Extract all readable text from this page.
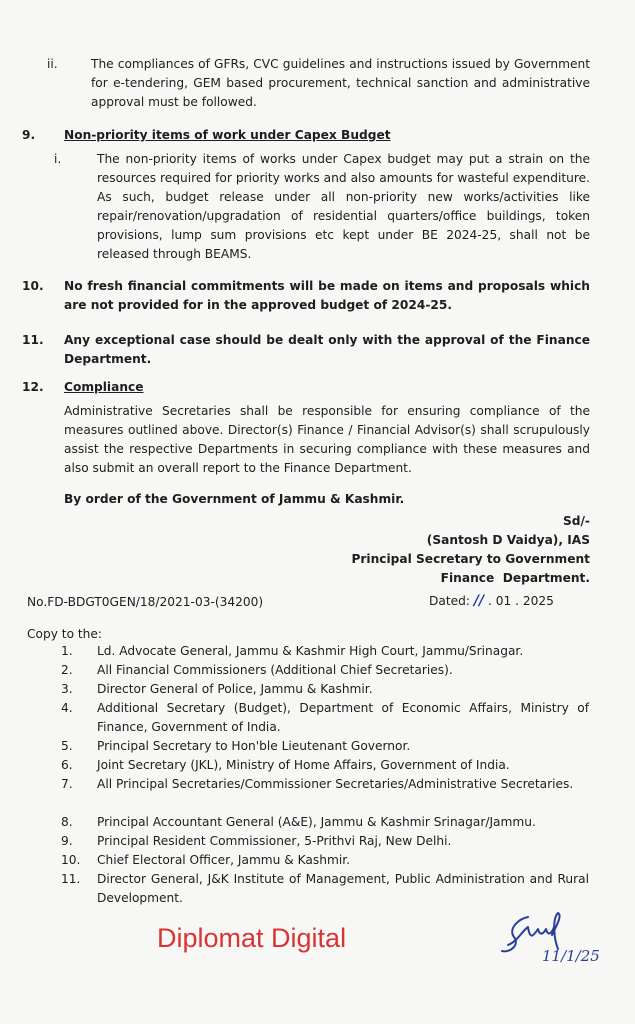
ii.	The compliances of GFRs, CVC guidelines and instructions issued by Government for e-tendering, GEM based procurement, technical sanction and administrative approval must be followed.
9. Non-priority items of work under Capex Budget
i.	The non-priority items of works under Capex budget may put a strain on the resources required for priority works and also amounts for wasteful expenditure. As such, budget release under all non-priority new works/activities like repair/renovation/upgradation of residential quarters/office buildings, token provisions, lump sum provisions etc kept under BE 2024-25, shall not be released through BEAMS.
10. No fresh financial commitments will be made on items and proposals which are not provided for in the approved budget of 2024-25.
11. Any exceptional case should be dealt only with the approval of the Finance Department.
12. Compliance
Administrative Secretaries shall be responsible for ensuring compliance of the measures outlined above. Director(s) Finance / Financial Advisor(s) shall scrupulously assist the respective Departments in securing compliance with these measures and also submit an overall report to the Finance Department.
By order of the Government of Jammu & Kashmir.
Sd/-
(Santosh D Vaidya), IAS
Principal Secretary to Government
Finance  Department.
No.FD-BDGT0GEN/18/2021-03-(34200)	Dated: // . 01 . 2025
Copy to the:
1. Ld. Advocate General, Jammu & Kashmir High Court, Jammu/Srinagar.
2. All Financial Commissioners (Additional Chief Secretaries).
3. Director General of Police, Jammu & Kashmir.
4. Additional Secretary (Budget), Department of Economic Affairs, Ministry of Finance, Government of India.
5. Principal Secretary to Hon'ble Lieutenant Governor.
6. Joint Secretary (JKL), Ministry of Home Affairs, Government of India.
7. All Principal Secretaries/Commissioner Secretaries/Administrative Secretaries.
8. Principal Accountant General (A&E), Jammu & Kashmir Srinagar/Jammu.
9. Principal Resident Commissioner, 5-Prithvi Raj, New Delhi.
10. Chief Electoral Officer, Jammu & Kashmir.
11. Director General, J&K Institute of Management, Public Administration and Rural Development.
Diplomat Digital
11/1/25
